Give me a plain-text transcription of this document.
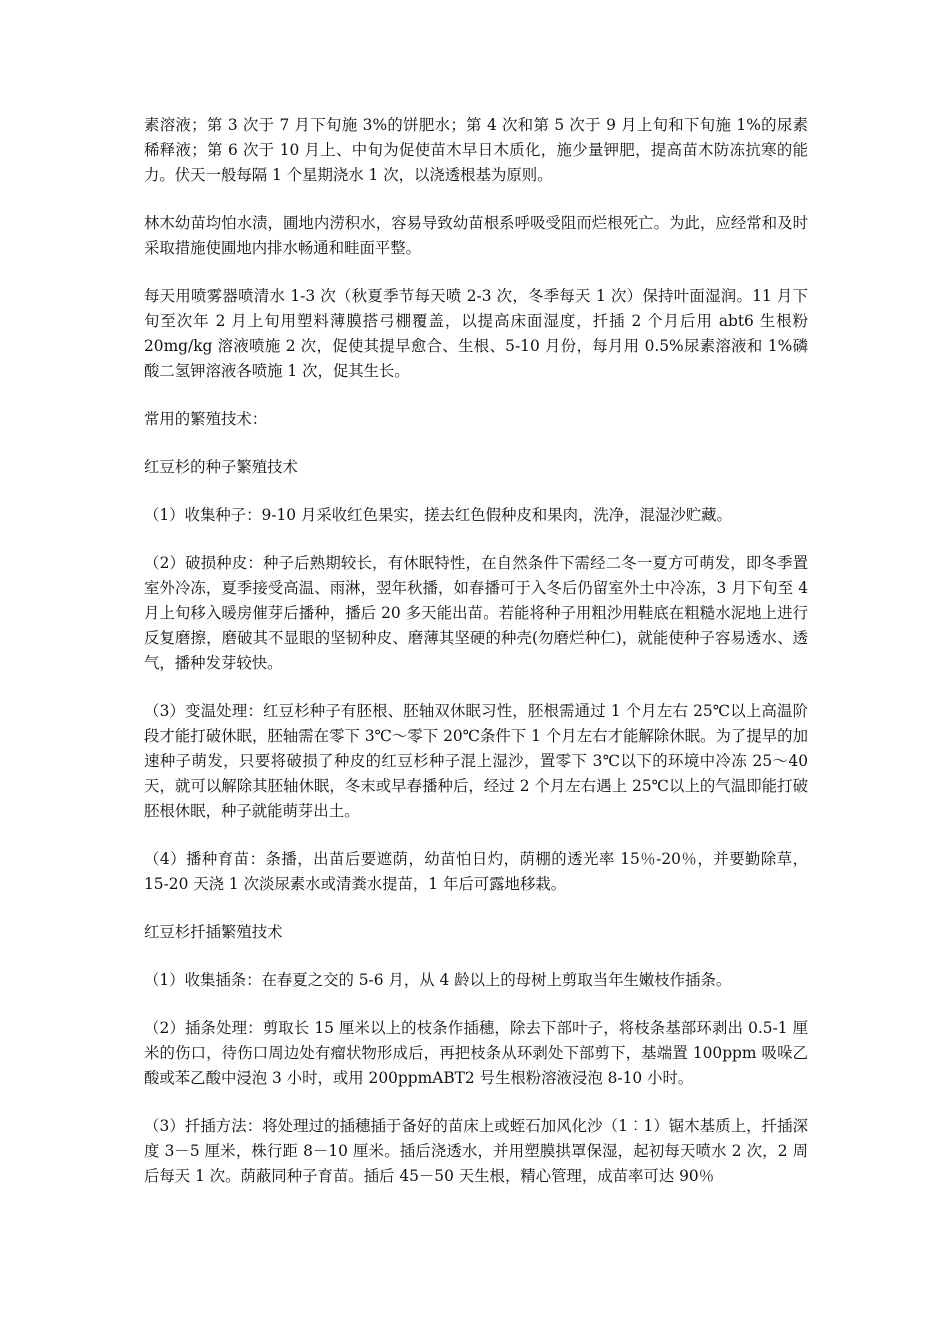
素溶液；第 3 次于 7 月下旬施 3%的饼肥水；第 4 次和第 5 次于 9 月上旬和下旬施 1%的尿素稀释液；第 6 次于 10 月上、中旬为促使苗木早日木质化，施少量钾肥，提高苗木防冻抗寒的能力。伏天一般每隔 1 个星期浇水 1 次，以浇透根基为原则。

林木幼苗均怕水渍，圃地内涝积水，容易导致幼苗根系呼吸受阻而烂根死亡。为此，应经常和及时采取措施使圃地内排水畅通和畦面平整。

每天用喷雾器喷清水 1-3 次（秋夏季节每天喷 2-3 次，冬季每天 1 次）保持叶面湿润。11 月下旬至次年 2 月上旬用塑料薄膜搭弓棚覆盖，以提高床面湿度，扦插 2 个月后用 abt6 生根粉 20mg/kg 溶液喷施 2 次，促使其提早愈合、生根、5-10 月份，每月用 0.5%尿素溶液和 1%磷酸二氢钾溶液各喷施 1 次，促其生长。

常用的繁殖技术：

红豆杉的种子繁殖技术

（1）收集种子：9-10 月采收红色果实，搓去红色假种皮和果肉，洗净，混湿沙贮藏。

（2）破损种皮：种子后熟期较长，有休眠特性，在自然条件下需经二冬一夏方可萌发，即冬季置室外冷冻，夏季接受高温、雨淋，翌年秋播，如春播可于入冬后仍留室外土中冷冻，3 月下旬至 4 月上旬移入暖房催芽后播种，播后 20 多天能出苗。若能将种子用粗沙用鞋底在粗糙水泥地上进行反复磨擦，磨破其不显眼的坚韧种皮、磨薄其坚硬的种壳(勿磨烂种仁)，就能使种子容易透水、透气，播种发芽较快。

（3）变温处理：红豆杉种子有胚根、胚轴双休眠习性，胚根需通过 1 个月左右 25℃以上高温阶段才能打破休眠，胚轴需在零下 3℃～零下 20℃条件下 1 个月左右才能解除休眠。为了提早的加速种子萌发，只要将破损了种皮的红豆杉种子混上湿沙，置零下 3℃以下的环境中冷冻 25～40 天，就可以解除其胚轴休眠，冬末或早春播种后，经过 2 个月左右遇上 25℃以上的气温即能打破胚根休眠，种子就能萌芽出土。

（4）播种育苗：条播，出苗后要遮荫，幼苗怕日灼，荫棚的透光率 15％-20％，并要勤除草，15-20 天浇 1 次淡尿素水或清粪水提苗，1 年后可露地移栽。

红豆杉扦插繁殖技术

（1）收集插条：在春夏之交的 5-6 月，从 4 龄以上的母树上剪取当年生嫩枝作插条。

（2）插条处理：剪取长 15 厘米以上的枝条作插穗，除去下部叶子，将枝条基部环剥出 0.5-1 厘米的伤口，待伤口周边处有瘤状物形成后，再把枝条从环剥处下部剪下，基端置 100ppm 吸哚乙酸或苯乙酸中浸泡 3 小时，或用 200ppmABT2 号生根粉溶液浸泡 8-10 小时。

（3）扦插方法：将处理过的插穗插于备好的苗床上或蛭石加风化沙（1︰1）锯木基质上，扦插深度 3－5 厘米，株行距 8－10 厘米。插后浇透水，并用塑膜拱罩保湿，起初每天喷水 2 次，2 周后每天 1 次。荫蔽同种子育苗。插后 45－50 天生根，精心管理，成苗率可达 90％
